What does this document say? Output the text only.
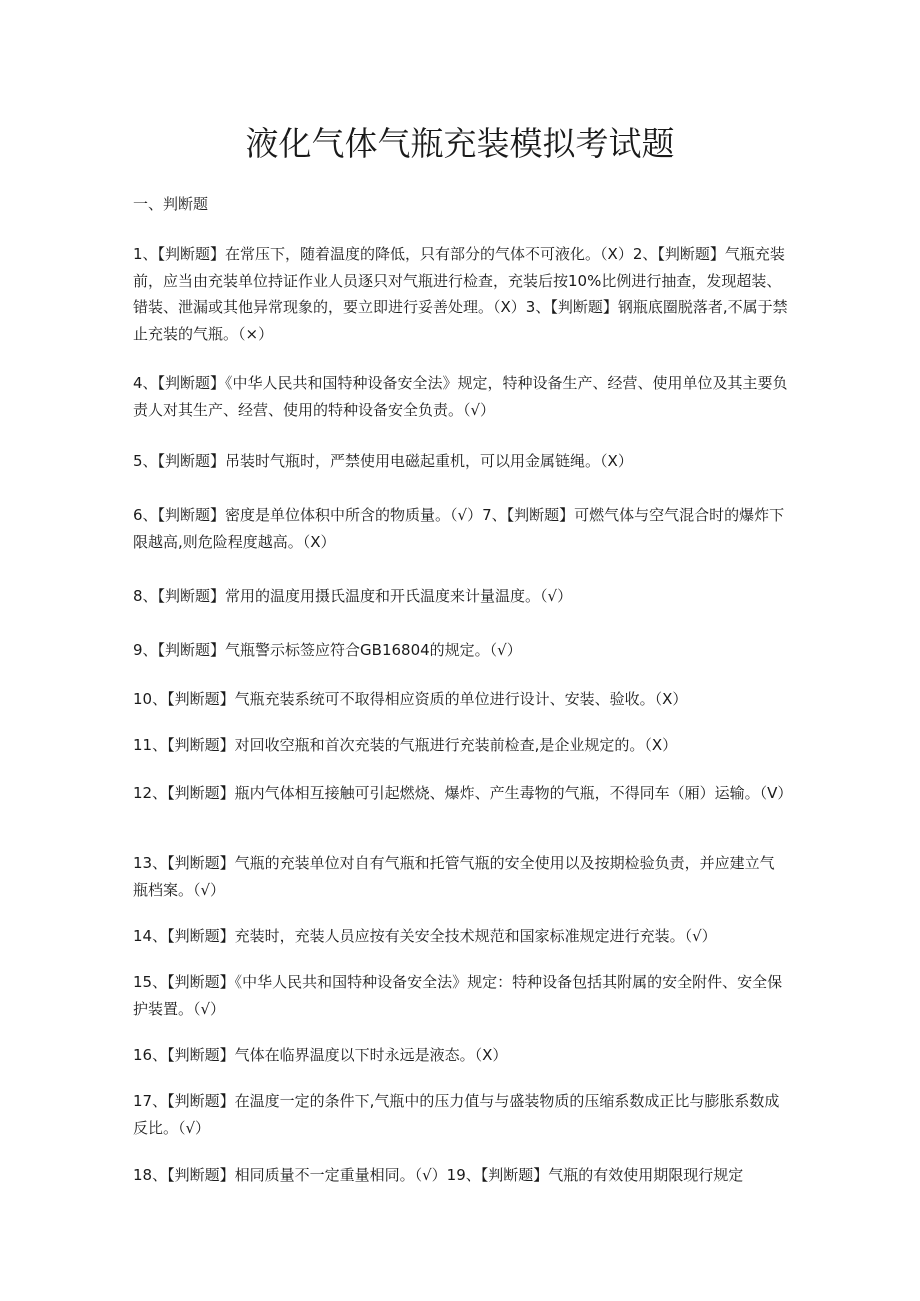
液化气体气瓶充装模拟考试题
一、判断题

1、【判断题】在常压下，随着温度的降低，只有部分的气体不可液化。（X）2、【判断题】气瓶充装前，应当由充装单位持证作业人员逐只对气瓶进行检查，充装后按10%比例进行抽查，发现超装、错装、泄漏或其他异常现象的，要立即进行妥善处理。（X）3、【判断题】钢瓶底圈脱落者,不属于禁止充装的气瓶。（×）

4、【判断题】《中华人民共和国特种设备安全法》规定，特种设备生产、经营、使用单位及其主要负责人对其生产、经营、使用的特种设备安全负责。（√）

5、【判断题】吊装时气瓶时，严禁使用电磁起重机，可以用金属链绳。（X）

6、【判断题】密度是单位体积中所含的物质量。（√）7、【判断题】可燃气体与空气混合时的爆炸下限越高,则危险程度越高。（X）

8、【判断题】常用的温度用摄氏温度和开氏温度来计量温度。（√）

9、【判断题】气瓶警示标签应符合GB16804的规定。（√）

10、【判断题】气瓶充装系统可不取得相应资质的单位进行设计、安装、验收。（X）

11、【判断题】对回收空瓶和首次充装的气瓶进行充装前检查,是企业规定的。（X）

12、【判断题】瓶内气体相互接触可引起燃烧、爆炸、产生毒物的气瓶，不得同车（厢）运输。（V）

13、【判断题】气瓶的充装单位对自有气瓶和托管气瓶的安全使用以及按期检验负责，并应建立气瓶档案。（√）

14、【判断题】充装时，充装人员应按有关安全技术规范和国家标准规定进行充装。（√）

15、【判断题】《中华人民共和国特种设备安全法》规定：特种设备包括其附属的安全附件、安全保护装置。（√）

16、【判断题】气体在临界温度以下时永远是液态。（X）

17、【判断题】在温度一定的条件下,气瓶中的压力值与与盛装物质的压缩系数成正比与膨胀系数成反比。（√）

18、【判断题】相同质量不一定重量相同。（√）19、【判断题】气瓶的有效使用期限现行规定
